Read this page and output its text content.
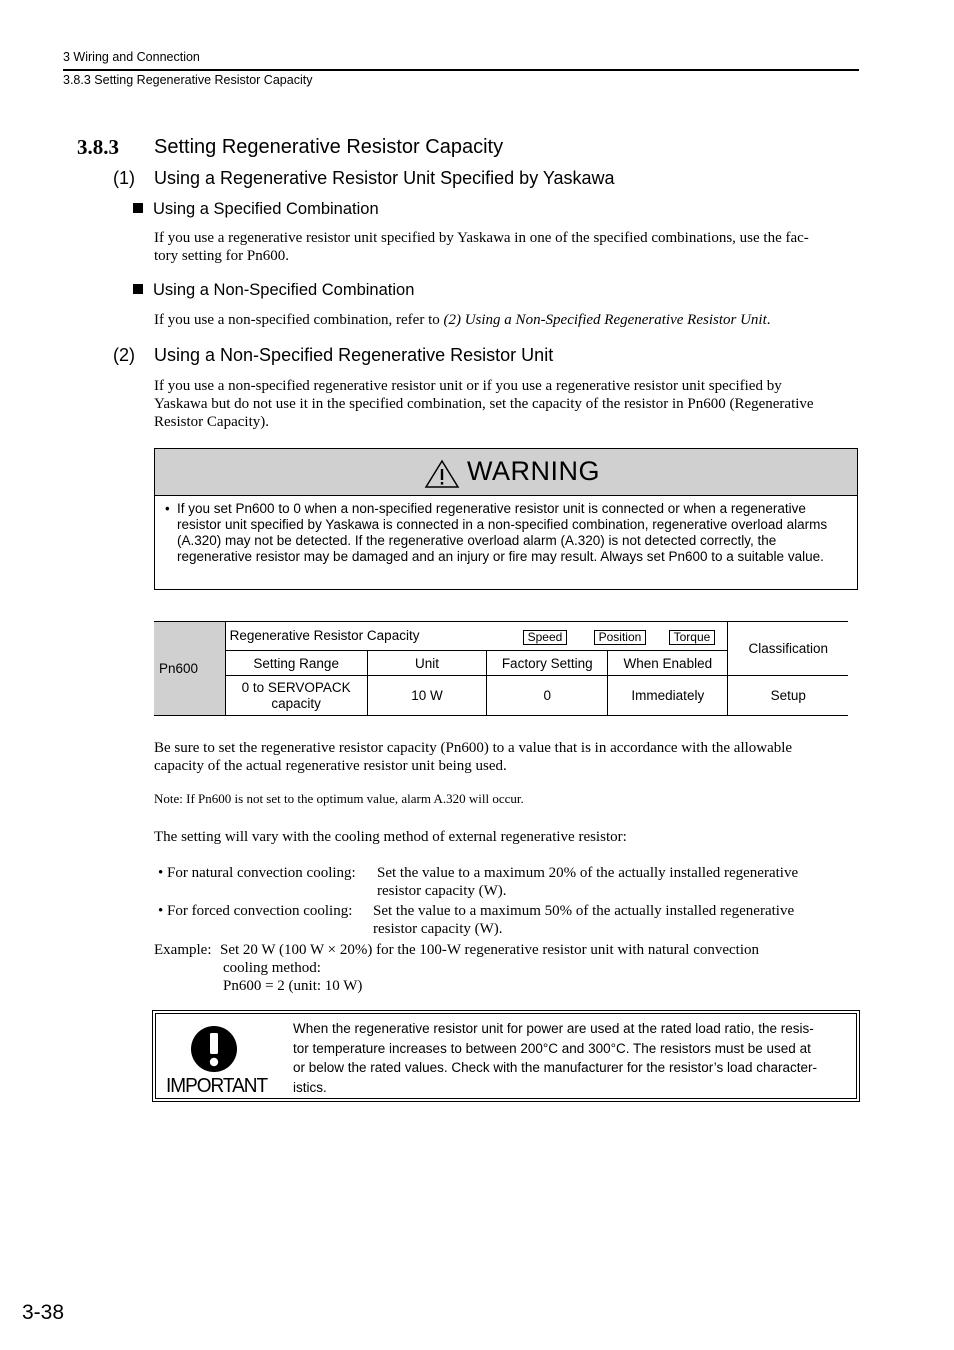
3 Wiring and Connection
3.8.3 Setting Regenerative Resistor Capacity
3.8.3 Setting Regenerative Resistor Capacity
(1) Using a Regenerative Resistor Unit Specified by Yaskawa
Using a Specified Combination
If you use a regenerative resistor unit specified by Yaskawa in one of the specified combinations, use the fac-
tory setting for Pn600.
Using a Non-Specified Combination
If you use a non-specified combination, refer to (2) Using a Non-Specified Regenerative Resistor Unit.
(2) Using a Non-Specified Regenerative Resistor Unit
If you use a non-specified regenerative resistor unit or if you use a regenerative resistor unit specified by
Yaskawa but do not use it in the specified combination, set the capacity of the resistor in Pn600 (Regenerative
Resistor Capacity).
WARNING
• If you set Pn600 to 0 when a non-specified regenerative resistor unit is connected or when a regenerative resistor unit specified by Yaskawa is connected in a non-specified combination, regenerative overload alarms (A.320) may not be detected. If the regenerative overload alarm (A.320) is not detected correctly, the regenerative resistor may be damaged and an injury or fire may result. Always set Pn600 to a suitable value.
Pn600	Regenerative Resistor Capacity Speed Position Torque				Classification
	Setting Range	Unit	Factory Setting	When Enabled	
	0 to SERVOPACK capacity	10 W	0	Immediately	Setup
Be sure to set the regenerative resistor capacity (Pn600) to a value that is in accordance with the allowable
capacity of the actual regenerative resistor unit being used.
Note: If Pn600 is not set to the optimum value, alarm A.320 will occur.
The setting will vary with the cooling method of external regenerative resistor:
• For natural convection cooling: Set the value to a maximum 20% of the actually installed regenerative
resistor capacity (W).
• For forced convection cooling: Set the value to a maximum 50% of the actually installed regenerative
resistor capacity (W).
Example: Set 20 W (100 W × 20%) for the 100-W regenerative resistor unit with natural convection
cooling method:
Pn600 = 2 (unit: 10 W)
IMPORTANT
When the regenerative resistor unit for power are used at the rated load ratio, the resis-
tor temperature increases to between 200°C and 300°C. The resistors must be used at
or below the rated values. Check with the manufacturer for the resistor’s load character-
istics.
3-38
